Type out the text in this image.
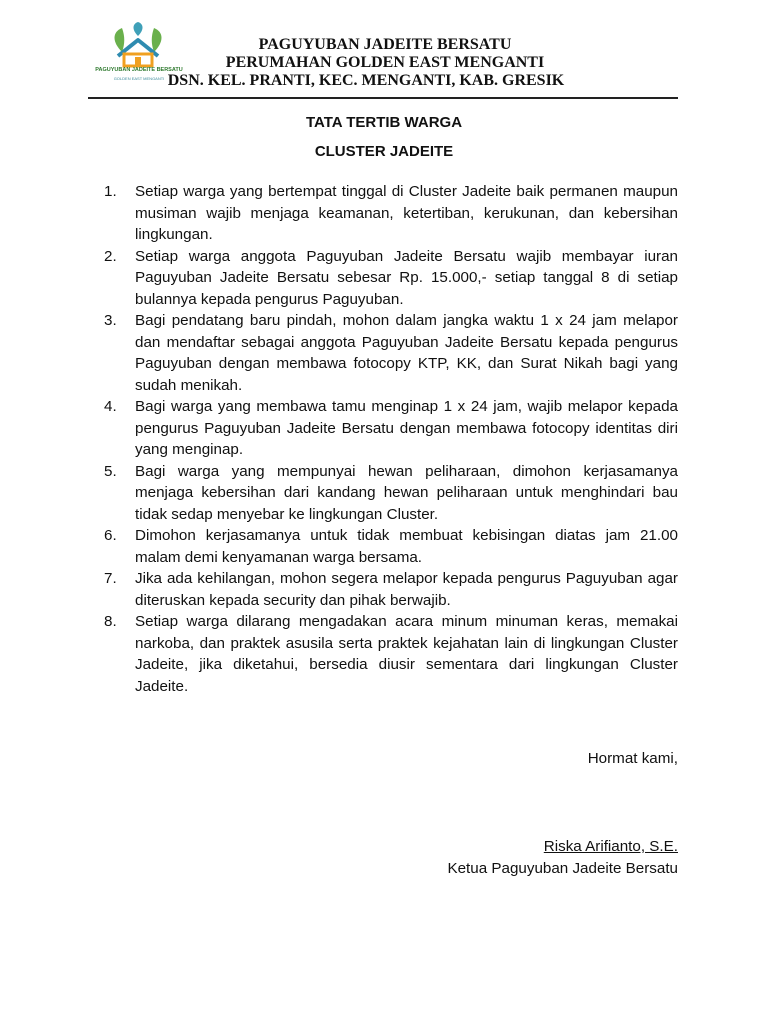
PAGUYUBAN JADEITE BERSATU
GOLDEN EAST MENGANTI
PAGUYUBAN JADEITE BERSATU
PERUMAHAN GOLDEN EAST MENGANTI
DSN. KEL. PRANTI, KEC. MENGANTI, KAB. GRESIK
TATA TERTIB WARGA
CLUSTER JADEITE
1.	Setiap warga yang bertempat tinggal di Cluster Jadeite baik permanen maupun musiman wajib menjaga keamanan, ketertiban, kerukunan, dan kebersihan lingkungan.
2.	Setiap warga anggota Paguyuban Jadeite Bersatu wajib membayar iuran Paguyuban Jadeite Bersatu sebesar Rp. 15.000,- setiap tanggal 8 di setiap bulannya kepada pengurus Paguyuban.
3.	Bagi pendatang baru pindah, mohon dalam jangka waktu 1 x 24 jam melapor dan mendaftar sebagai anggota Paguyuban Jadeite Bersatu kepada pengurus Paguyuban dengan membawa fotocopy KTP, KK, dan Surat Nikah bagi yang sudah menikah.
4.	Bagi warga yang membawa tamu menginap 1 x 24 jam, wajib melapor kepada pengurus Paguyuban Jadeite Bersatu dengan membawa fotocopy identitas diri yang menginap.
5.	Bagi warga yang mempunyai hewan peliharaan, dimohon kerjasamanya menjaga kebersihan dari kandang hewan peliharaan untuk menghindari bau tidak sedap menyebar ke lingkungan Cluster.
6.	Dimohon kerjasamanya untuk tidak membuat kebisingan diatas jam 21.00 malam demi kenyamanan warga bersama.
7.	Jika ada kehilangan, mohon segera melapor kepada pengurus Paguyuban agar diteruskan kepada security dan pihak berwajib.
8.	Setiap warga dilarang mengadakan acara minum minuman keras, memakai narkoba, dan praktek asusila serta praktek kejahatan lain di lingkungan Cluster Jadeite, jika diketahui, bersedia diusir sementara dari lingkungan Cluster Jadeite.
Hormat kami,
Riska Arifianto, S.E.
Ketua Paguyuban Jadeite Bersatu
